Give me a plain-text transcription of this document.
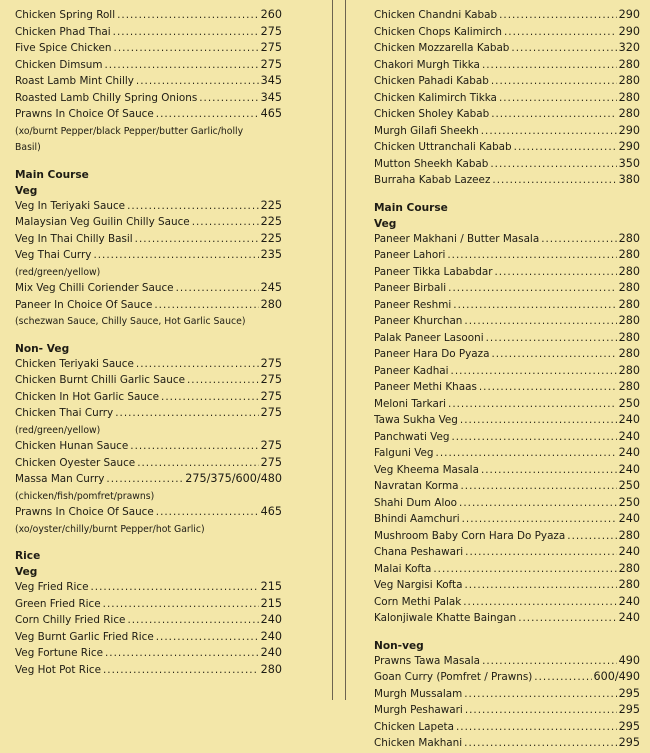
Chicken Spring Roll .....	260
Chicken Phad Thai .....	275
Five Spice Chicken .....	275
Chicken Dimsum .....	275
Roast Lamb Mint Chilly .....	345
Roasted Lamb Chilly Spring Onions .....	345
Prawns In Choice Of Sauce .....	465
(xo/burnt Pepper/black Pepper/butter Garlic/holly
Basil)
Main Course
Veg
Veg In Teriyaki Sauce .....	225
Malaysian Veg Guilin Chilly Sauce .....	225
Veg In Thai Chilly Basil .....	225
Veg Thai Curry .....	235
(red/green/yellow)
Mix Veg Chilli Coriender Sauce .....	245
Paneer In Choice Of Sauce .....	280
(schezwan Sauce, Chilly Sauce, Hot Garlic Sauce)
Non- Veg
Chicken Teriyaki Sauce .....	275
Chicken Burnt Chilli Garlic Sauce .....	275
Chicken In Hot Garlic Sauce .....	275
Chicken Thai Curry .....	275
(red/green/yellow)
Chicken Hunan Sauce .....	275
Chicken Oyester Sauce .....	275
Massa Man Curry .....	275/375/600/480
(chicken/fish/pomfret/prawns)
Prawns In Choice Of Sauce .....	465
(xo/oyster/chilly/burnt Pepper/hot Garlic)
Rice
Veg
Veg Fried Rice .....	215
Green Fried Rice .....	215
Corn Chilly Fried Rice .....	240
Veg Burnt Garlic Fried Rice .....	240
Veg Fortune Rice .....	240
Veg Hot Pot Rice .....	280
Chicken Chandni Kabab .....	290
Chicken Chops Kalimirch .....	290
Chicken Mozzarella Kabab .....	320
Chakori Murgh Tikka .....	280
Chicken Pahadi Kabab .....	280
Chicken Kalimirch Tikka .....	280
Chicken Sholey Kabab .....	280
Murgh Gilafi Sheekh .....	290
Chicken Uttranchali Kabab .....	290
Mutton Sheekh Kabab .....	350
Burraha Kabab Lazeez .....	380
Main Course
Veg
Paneer Makhani / Butter Masala .....	280
Paneer Lahori .....	280
Paneer Tikka Lababdar .....	280
Paneer Birbali .....	280
Paneer Reshmi .....	280
Paneer Khurchan .....	280
Palak Paneer Lasooni .....	280
Paneer Hara Do Pyaza .....	280
Paneer Kadhai .....	280
Paneer Methi Khaas .....	280
Meloni Tarkari .....	250
Tawa Sukha Veg .....	240
Panchwati Veg .....	240
Falguni Veg .....	240
Veg Kheema Masala .....	240
Navratan Korma .....	250
Shahi Dum Aloo .....	250
Bhindi Aamchuri .....	240
Mushroom Baby Corn Hara Do Pyaza .....	280
Chana Peshawari .....	240
Malai Kofta .....	280
Veg Nargisi Kofta .....	280
Corn Methi Palak .....	240
Kalonjiwale Khatte Baingan .....	240
Non-veg
Prawns Tawa Masala .....	490
Goan Curry (Pomfret / Prawns) .....	600/490
Murgh Mussalam .....	295
Murgh Peshawari .....	295
Chicken Lapeta .....	295
Chicken Makhani .....	295
